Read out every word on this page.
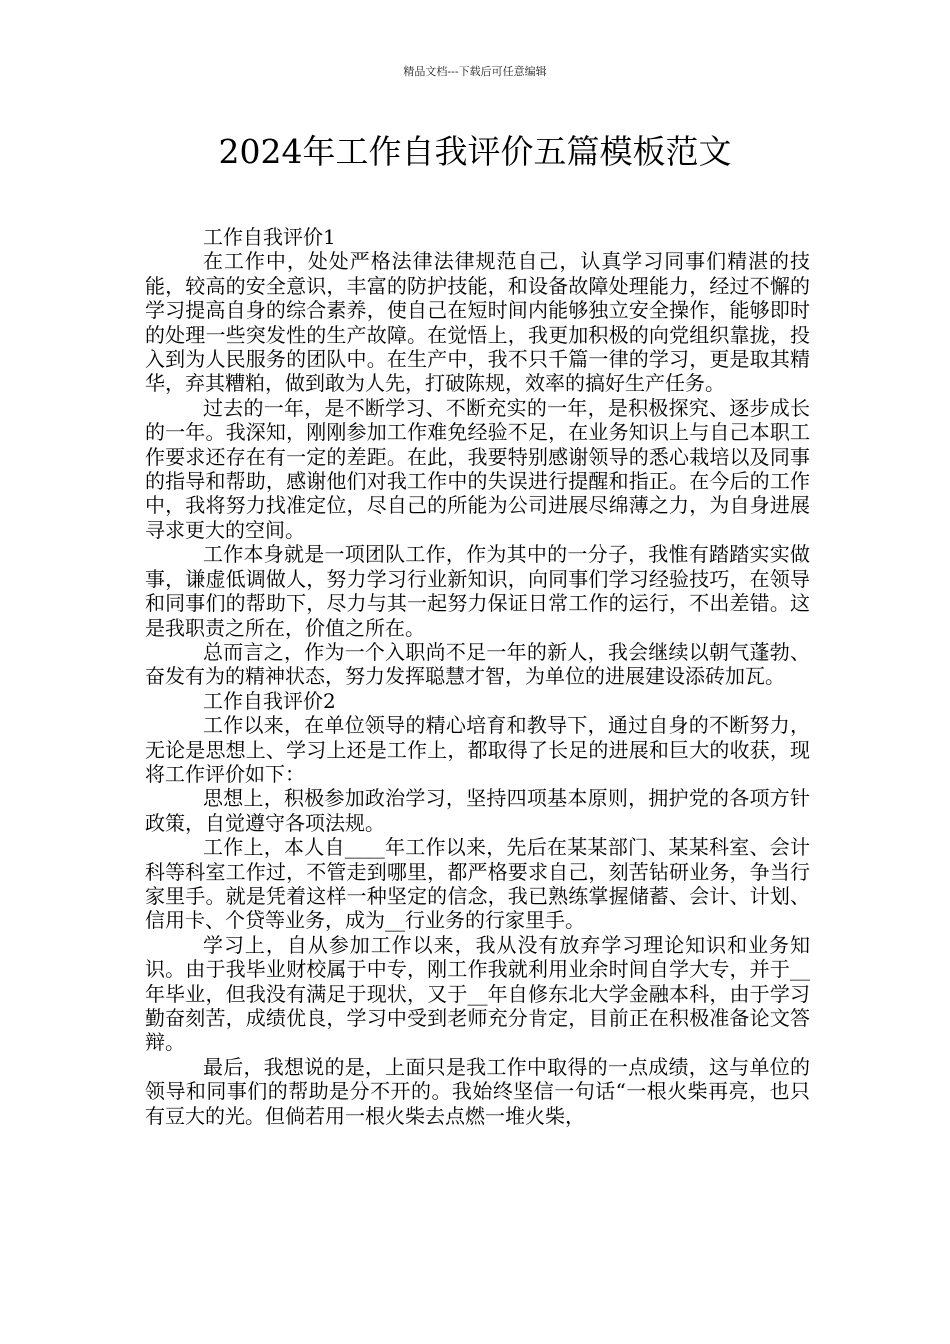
精品文档---下载后可任意编辑
2024年工作自我评价五篇模板范文

工作自我评价1

在工作中，处处严格法律法律规范自己，认真学习同事们精湛的技能，较高的安全意识，丰富的防护技能，和设备故障处理能力，经过不懈的学习提高自身的综合素养，使自己在短时间内能够独立安全操作，能够即时的处理一些突发性的生产故障。在觉悟上，我更加积极的向党组织靠拢，投入到为人民服务的团队中。在生产中，我不只千篇一律的学习，更是取其精华，弃其糟粕，做到敢为人先，打破陈规，效率的搞好生产任务。

过去的一年，是不断学习、不断充实的一年，是积极探究、逐步成长的一年。我深知，刚刚参加工作难免经验不足，在业务知识上与自己本职工作要求还存在有一定的差距。在此，我要特别感谢领导的悉心栽培以及同事的指导和帮助，感谢他们对我工作中的失误进行提醒和指正。在今后的工作中，我将努力找准定位，尽自己的所能为公司进展尽绵薄之力，为自身进展寻求更大的空间。

工作本身就是一项团队工作，作为其中的一分子，我惟有踏踏实实做事，谦虚低调做人，努力学习行业新知识，向同事们学习经验技巧，在领导和同事们的帮助下，尽力与其一起努力保证日常工作的运行，不出差错。这是我职责之所在，价值之所在。

总而言之，作为一个入职尚不足一年的新人，我会继续以朝气蓬勃、奋发有为的精神状态，努力发挥聪慧才智，为单位的进展建设添砖加瓦。

工作自我评价2

工作以来，在单位领导的精心培育和教导下，通过自身的不断努力，无论是思想上、学习上还是工作上，都取得了长足的进展和巨大的收获，现将工作评价如下：

思想上，积极参加政治学习，坚持四项基本原则，拥护党的各项方针政策，自觉遵守各项法规。

工作上，本人自____年工作以来，先后在某某部门、某某科室、会计科等科室工作过，不管走到哪里，都严格要求自己，刻苦钻研业务，争当行家里手。就是凭着这样一种坚定的信念，我已熟练掌握储蓄、会计、计划、信用卡、个贷等业务，成为__行业务的行家里手。

学习上，自从参加工作以来，我从没有放弃学习理论知识和业务知识。由于我毕业财校属于中专，刚工作我就利用业余时间自学大专，并于__年毕业，但我没有满足于现状，又于__年自修东北大学金融本科，由于学习勤奋刻苦，成绩优良，学习中受到老师充分肯定，目前正在积极准备论文答辩。

最后，我想说的是，上面只是我工作中取得的一点成绩，这与单位的领导和同事们的帮助是分不开的。我始终坚信一句话“一根火柴再亮，也只有豆大的光。但倘若用一根火柴去点燃一堆火柴，
